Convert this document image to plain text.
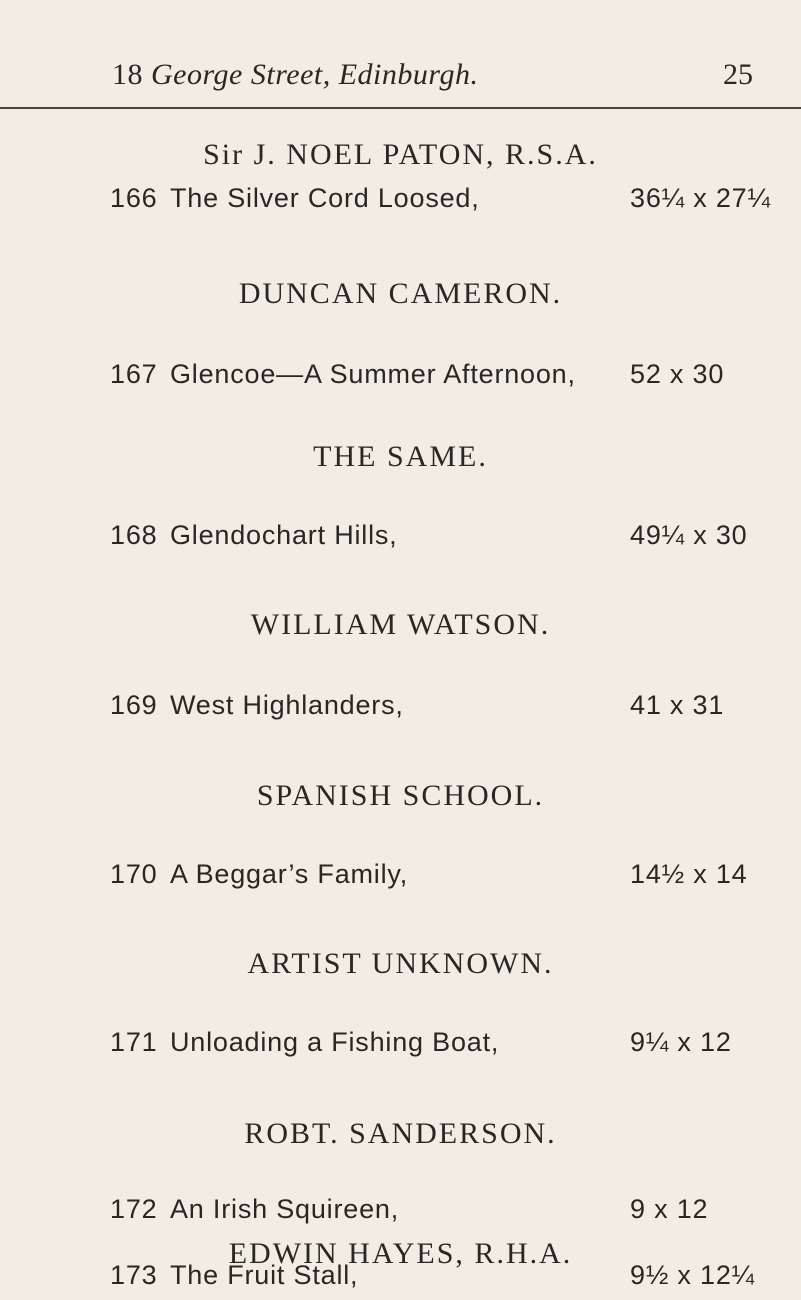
18 George Street, Edinburgh.	25
Sir J. NOEL PATON, R.S.A.
166 The Silver Cord Loosed,	36¼ x 27¼
DUNCAN CAMERON.
167 Glencoe—A Summer Afternoon, 52 x 30
THE SAME.
168 Glendochart Hills,	49¼ x 30
WILLIAM WATSON.
169 West Highlanders,	41 x 31
SPANISH SCHOOL.
170 A Beggar’s Family,	14½ x 14
ARTIST UNKNOWN.
171 Unloading a Fishing Boat,	9¼ x 12
ROBT. SANDERSON.
172 An Irish Squireen,	9 x 12
EDWIN HAYES, R.H.A.
173 The Fruit Stall,	9½ x 12¼
